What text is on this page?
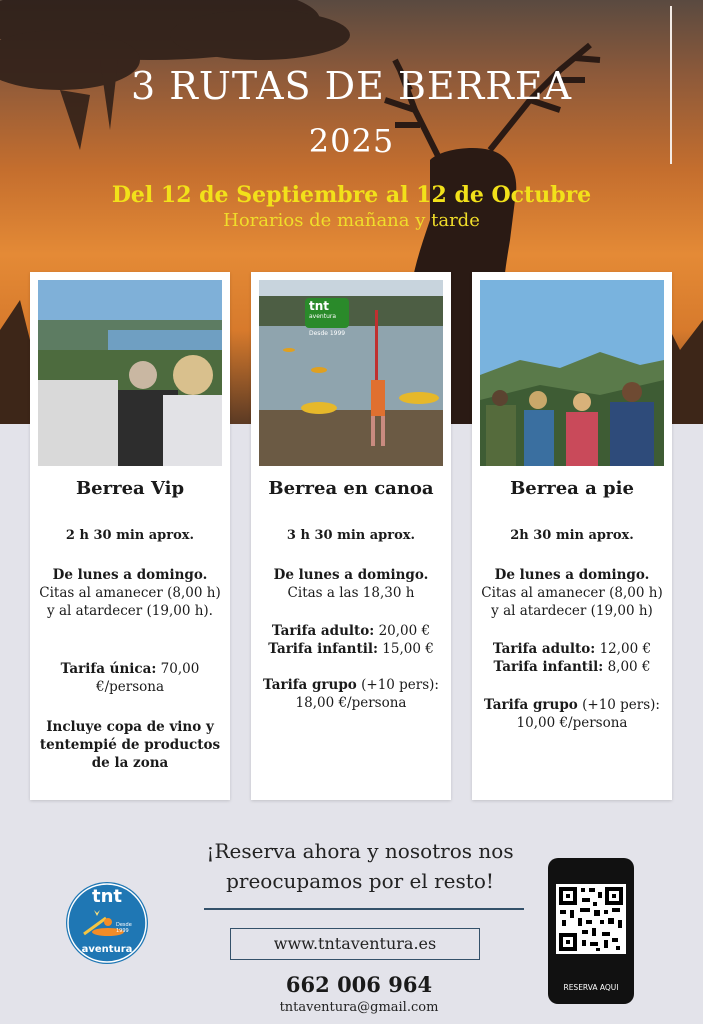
3 RUTAS DE BERREA
2025
Del 12 de Septiembre al 12 de Octubre
Horarios de mañana y tarde
Berrea Vip
2 h 30 min aprox.
De lunes a domingo.
Citas al amanecer (8,00 h) y al atardecer (19,00 h).
Tarifa única: 70,00 €/persona
Incluye copa de vino y tentempié de productos de la zona
tnt
aventura
Desde 1999
Berrea en canoa
3 h 30 min aprox.
De lunes a domingo.
Citas a las 18,30 h
Tarifa adulto: 20,00 €
Tarifa infantil: 15,00 €
Tarifa grupo (+10 pers):
18,00 €/persona
Berrea a pie
2h 30 min aprox.
De lunes a domingo.
Citas al amanecer (8,00 h) y al atardecer (19,00 h)
Tarifa adulto: 12,00 €
Tarifa infantil: 8,00 €
Tarifa grupo (+10 pers):
10,00 €/persona
tnt
aventura
Desde 1999
¡Reserva ahora y nosotros nos preocupamos por el resto!
www.tntaventura.es
662 006 964
tntaventura@gmail.com
RESERVA AQUI
